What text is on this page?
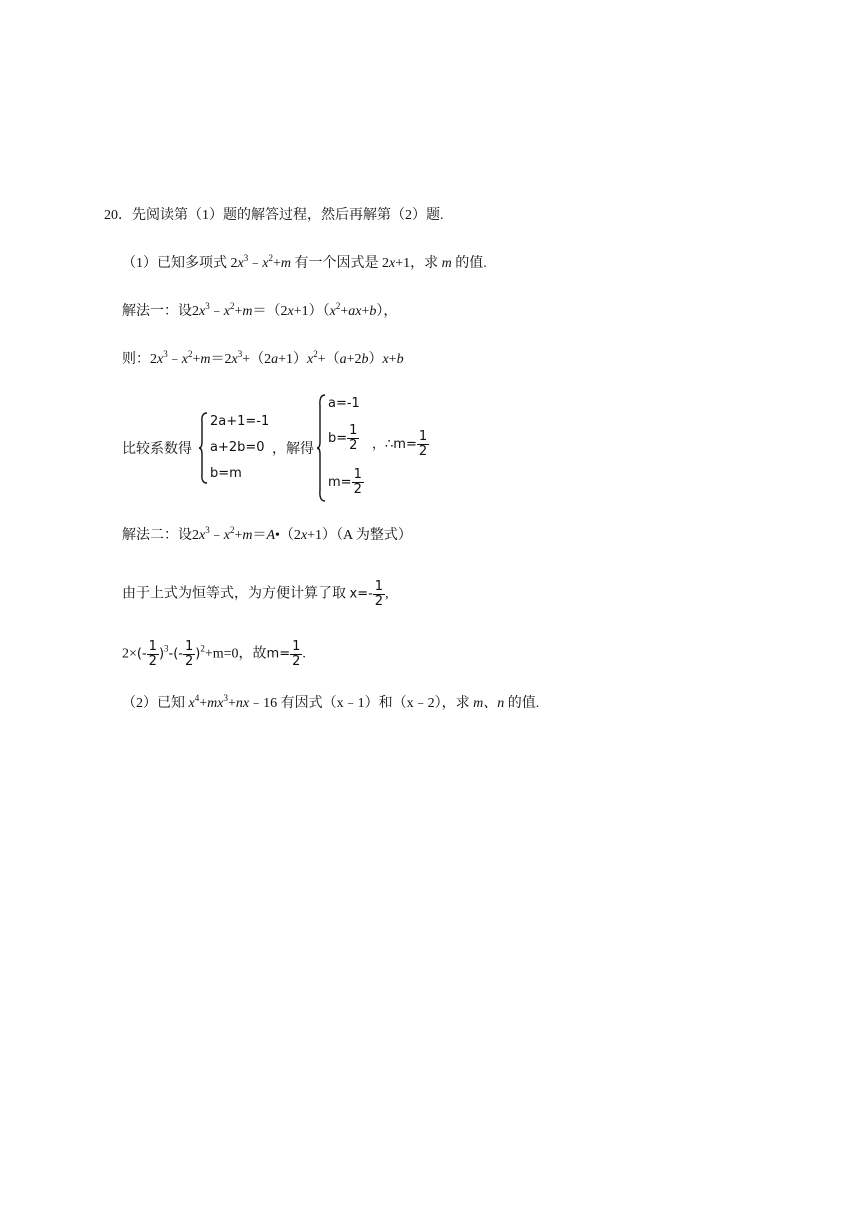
20．先阅读第（1）题的解答过程，然后再解第（2）题.
（1）已知多项式 $2x^3﹣x^2+m$ 有一个因式是 2x+1，求 m 的值.
解法一：设$2x^3﹣x^2+m=(2x+1)(x^2+ax+b)$，
则：$2x^3﹣x^2+m=2x^3+(2a+1)x^2+(a+2b)x+b$
比较系数得
2a+1=-1
a+2b=0
b=m
，解得
a=-1
$b= \frac{1}{2}$
$m= \frac{1}{2}$
，∴m= $\frac{1}{2}$
解法二：设$2x^3﹣x^2+m=A•(2x+1)(A$ 为整式）
由于上式为恒等式，为方便计算了取 $x=- \frac{1}{2}$ ,
$2\times(- \frac{1}{2} )^3-(- \frac{1}{2} )^2+m=0$，故$m= \frac{1}{2}$ .
（2）已知 $x^4+mx^3+nx﹣16$ 有因式（x﹣1）和（x﹣2），求 m、n 的值.
